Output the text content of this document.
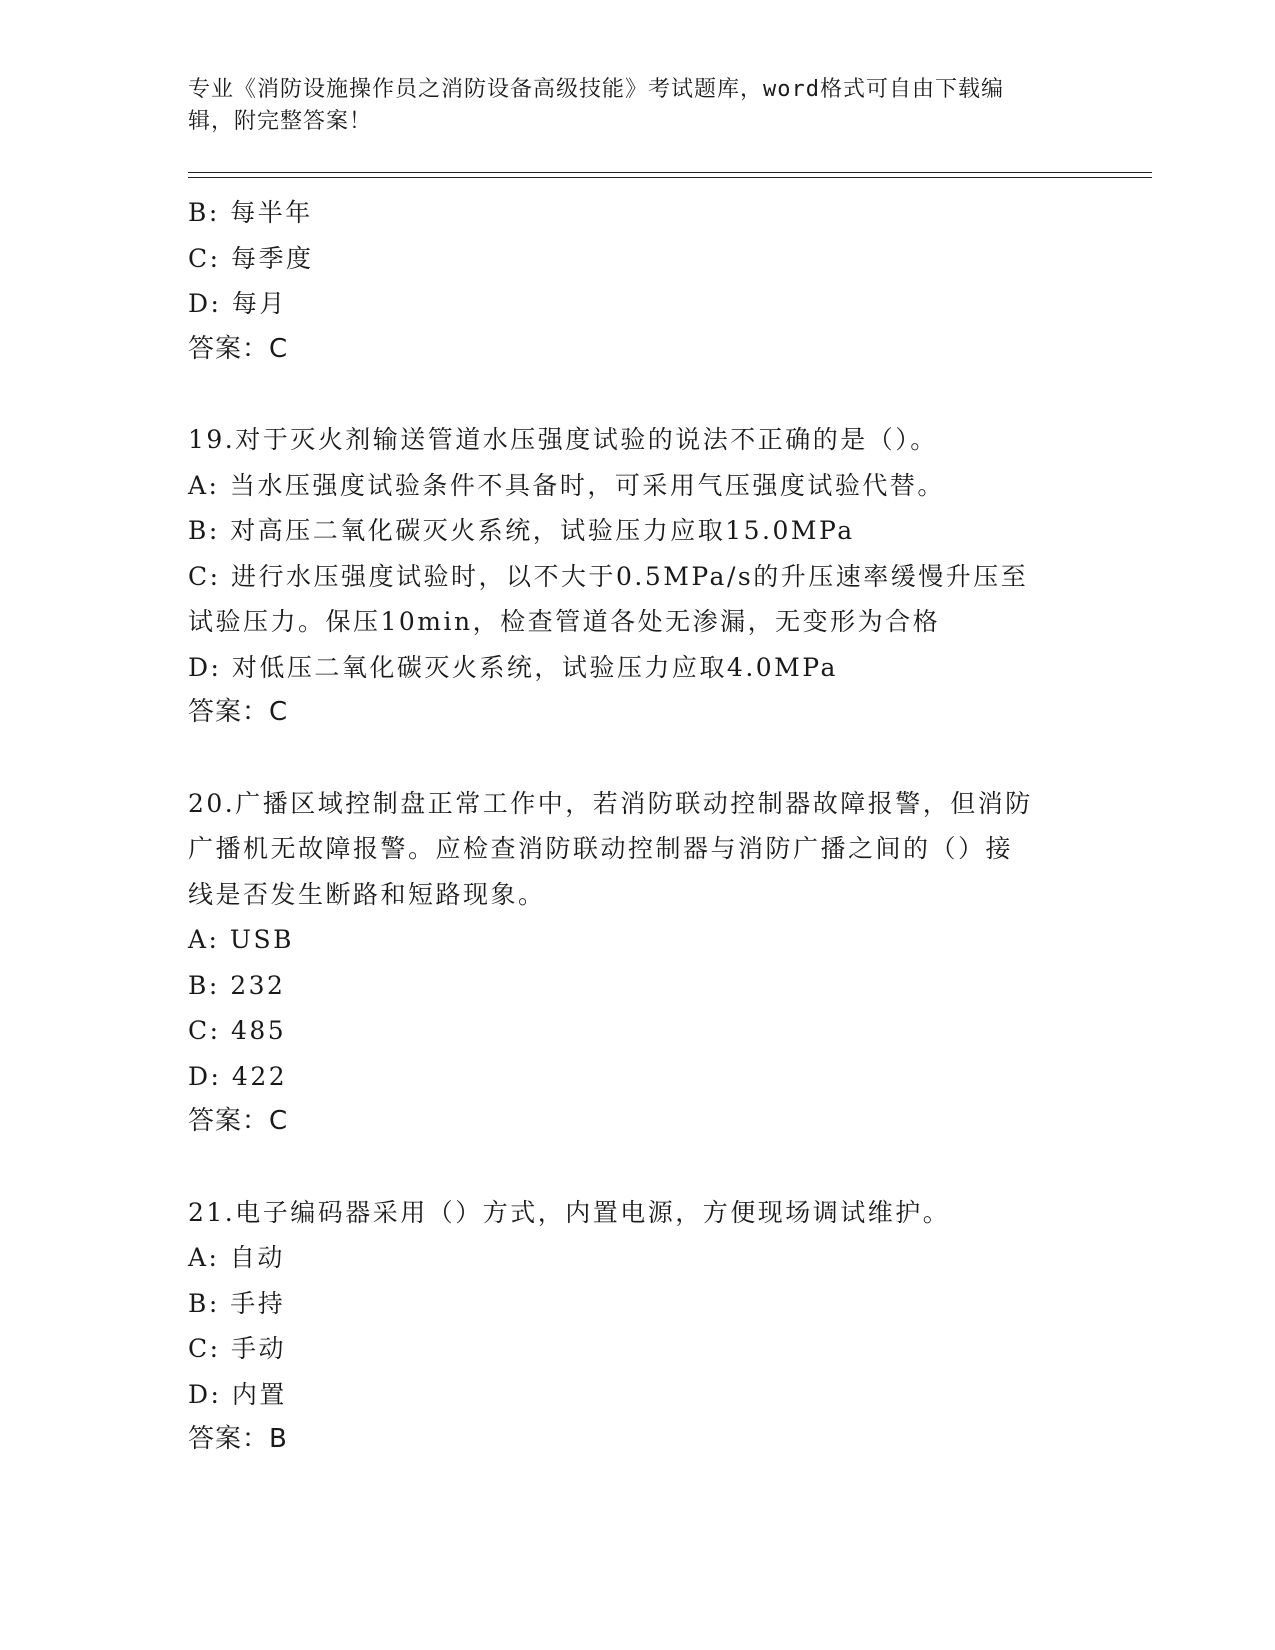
专业《消防设施操作员之消防设备高级技能》考试题库，word格式可自由下载编
辑，附完整答案！
B: 每半年
C: 每季度
D: 每月
答案：C
19.对于灭火剂输送管道水压强度试验的说法不正确的是（）。
A: 当水压强度试验条件不具备时，可采用气压强度试验代替。
B: 对高压二氧化碳灭火系统，试验压力应取15.0MPa
C: 进行水压强度试验时，以不大于0.5MPa/s的升压速率缓慢升压至
试验压力。保压10min，检查管道各处无渗漏，无变形为合格
D: 对低压二氧化碳灭火系统，试验压力应取4.0MPa
答案：C
20.广播区域控制盘正常工作中，若消防联动控制器故障报警，但消防
广播机无故障报警。应检查消防联动控制器与消防广播之间的（）接
线是否发生断路和短路现象。
A: USB
B: 232
C: 485
D: 422
答案：C
21.电子编码器采用（）方式，内置电源，方便现场调试维护。
A: 自动
B: 手持
C: 手动
D: 内置
答案：B
